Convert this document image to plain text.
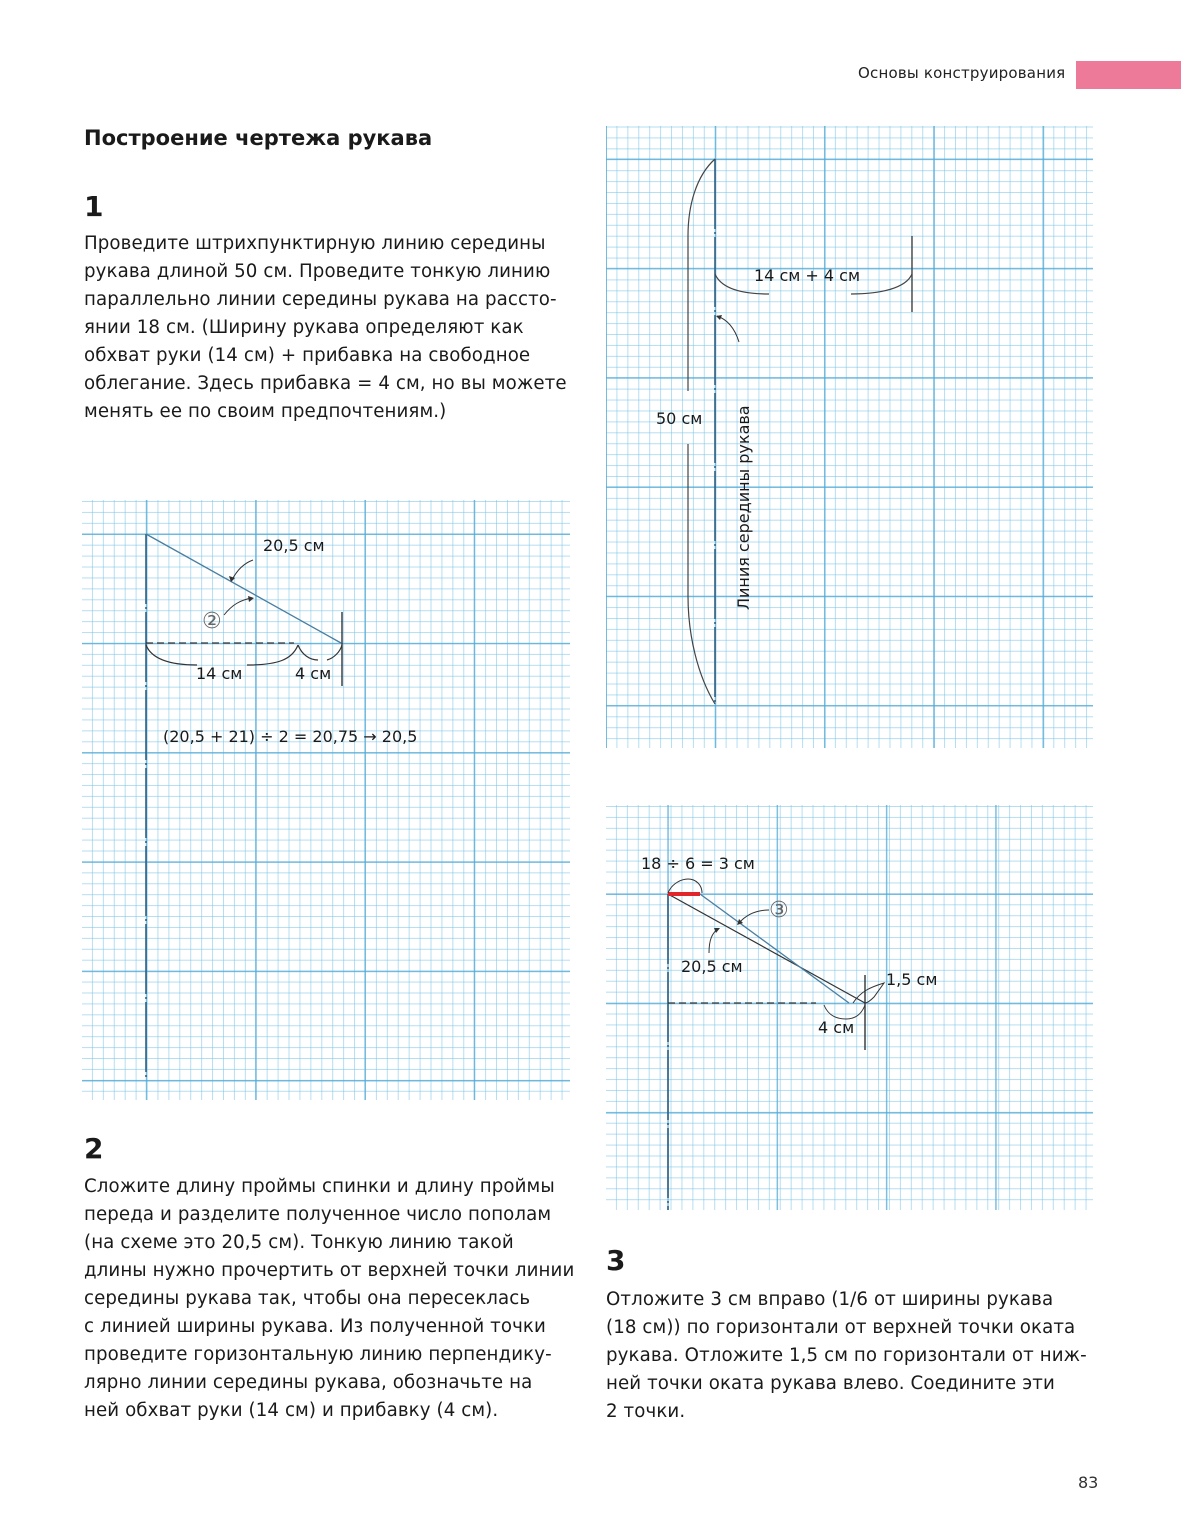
Основы конструирования
Построение чертежа рукава
1
Проведите штрихпунктирную линию середины
рукава длиной 50 см. Проведите тонкую линию
параллельно линии середины рукава на рассто-
янии 18 см. (Ширину рукава определяют как
обхват руки (14 см) + прибавка на свободное
облегание. Здесь прибавка = 4 см, но вы можете
менять ее по своим предпочтениям.)	50 см
14 см + 4 см
Линия середины рукава
14 см	4 см
20,5 см
②
(20,5 + 21) ÷ 2 = 20,75 → 20,5
2
Сложите длину проймы спинки и длину проймы
переда и разделите полученное число пополам
(на схеме это 20,5 см). Тонкую линию такой
длины нужно прочертить от верхней точки линии
середины рукава так, чтобы она пересеклась
с линией ширины рукава. Из полученной точки
проведите горизонтальную линию перпендику-
лярно линии середины рукава, обозначьте на
ней обхват руки (14 см) и прибавку (4 см).
18 ÷ 6 = 3 см
③
20,5 см
1,5 см
4 см
3
Отложите 3 см вправо (1/6 от ширины рукава
(18 см)) по горизонтали от верхней точки оката
рукава. Отложите 1,5 см по горизонтали от ниж-
ней точки оката рукава влево. Соедините эти
2 точки.
83
